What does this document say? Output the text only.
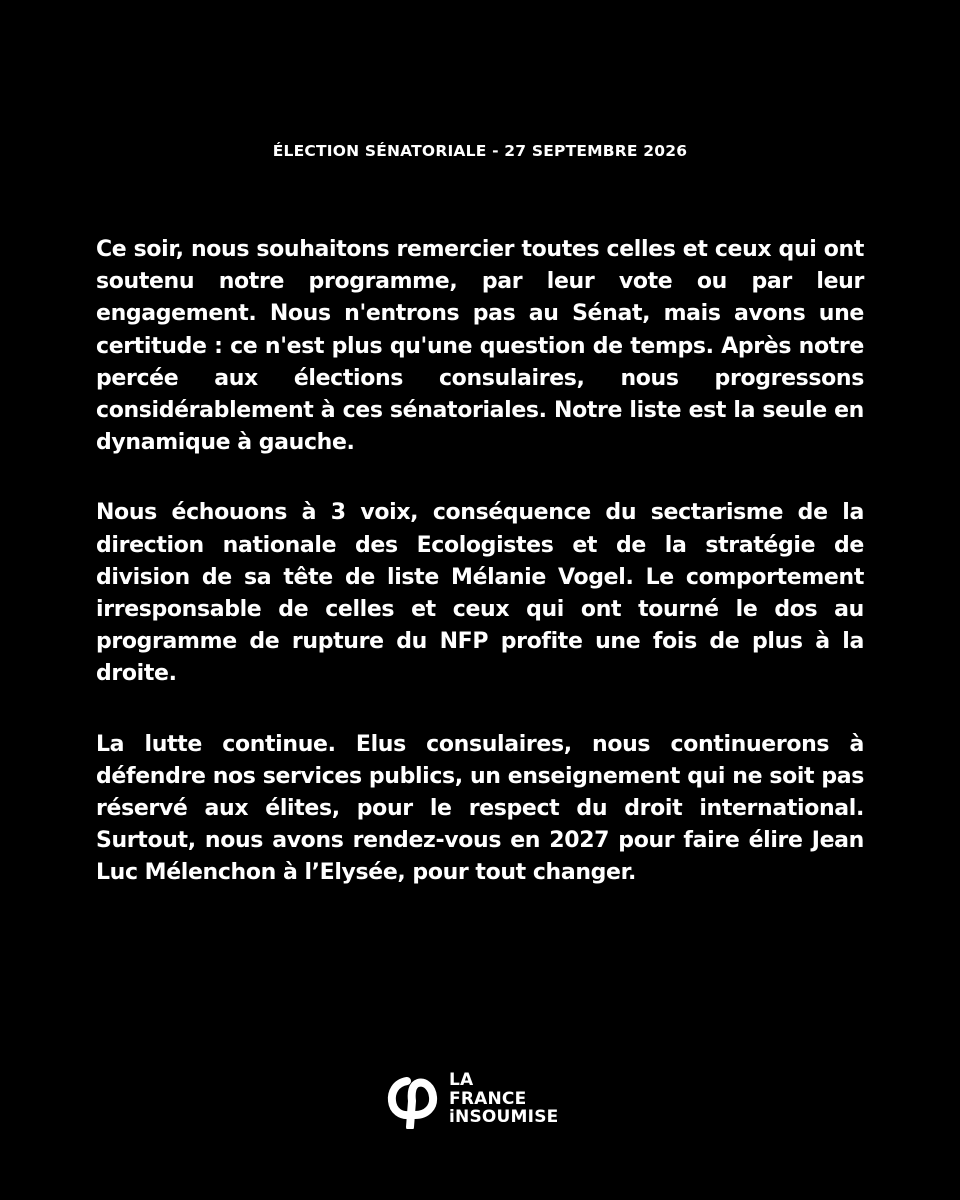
ÉLECTION SÉNATORIALE - 27 SEPTEMBRE 2026

Ce soir, nous souhaitons remercier toutes celles et ceux qui ont soutenu notre programme, par leur vote ou par leur engagement. Nous n'entrons pas au Sénat, mais avons une certitude : ce n'est plus qu'une question de temps. Après notre percée aux élections consulaires, nous progressons considérablement à ces sénatoriales. Notre liste est la seule en dynamique à gauche.

Nous échouons à 3 voix, conséquence du sectarisme de la direction nationale des Ecologistes et de la stratégie de division de sa tête de liste Mélanie Vogel. Le comportement irresponsable de celles et ceux qui ont tourné le dos au programme de rupture du NFP profite une fois de plus à la droite.

La lutte continue. Elus consulaires, nous continuerons à défendre nos services publics, un enseignement qui ne soit pas réservé aux élites, pour le respect du droit international. Surtout, nous avons rendez-vous en 2027 pour faire élire Jean Luc Mélenchon à l’Elysée, pour tout changer.

LA
FRANCE
iNSOUMISE
